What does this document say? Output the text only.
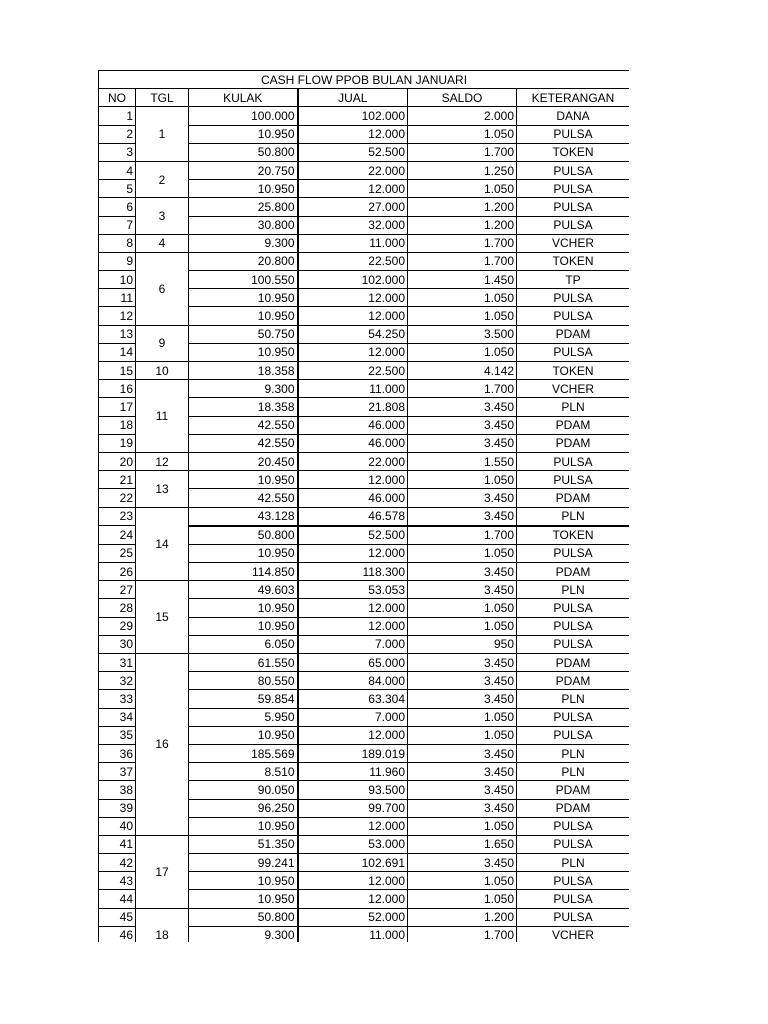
CASH FLOW PPOB BULAN JANUARI					
NO	TGL	KULAK	JUAL	SALDO	KETERANGAN
1	1	100.000	102.000	2.000	DANA
2		10.950	12.000	1.050	PULSA
3		50.800	52.500	1.700	TOKEN
4	2	20.750	22.000	1.250	PULSA
5		10.950	12.000	1.050	PULSA
6	3	25.800	27.000	1.200	PULSA
7		30.800	32.000	1.200	PULSA
8	4	9.300	11.000	1.700	VCHER
9	6	20.800	22.500	1.700	TOKEN
10		100.550	102.000	1.450	TP
11		10.950	12.000	1.050	PULSA
12		10.950	12.000	1.050	PULSA
13	9	50.750	54.250	3.500	PDAM
14		10.950	12.000	1.050	PULSA
15	10	18.358	22.500	4.142	TOKEN
16	11	9.300	11.000	1.700	VCHER
17		18.358	21.808	3.450	PLN
18		42.550	46.000	3.450	PDAM
19		42.550	46.000	3.450	PDAM
20	12	20.450	22.000	1.550	PULSA
21	13	10.950	12.000	1.050	PULSA
22		42.550	46.000	3.450	PDAM
23	14	43.128	46.578	3.450	PLN
24		50.800	52.500	1.700	TOKEN
25		10.950	12.000	1.050	PULSA
26		114.850	118.300	3.450	PDAM
27	15	49.603	53.053	3.450	PLN
28		10.950	12.000	1.050	PULSA
29		10.950	12.000	1.050	PULSA
30		6.050	7.000	950	PULSA
31	16	61.550	65.000	3.450	PDAM
32		80.550	84.000	3.450	PDAM
33		59.854	63.304	3.450	PLN
34		5.950	7.000	1.050	PULSA
35		10.950	12.000	1.050	PULSA
36		185.569	189.019	3.450	PLN
37		8.510	11.960	3.450	PLN
38		90.050	93.500	3.450	PDAM
39		96.250	99.700	3.450	PDAM
40		10.950	12.000	1.050	PULSA
41	17	51.350	53.000	1.650	PULSA
42		99.241	102.691	3.450	PLN
43		10.950	12.000	1.050	PULSA
44		10.950	12.000	1.050	PULSA
45	18	50.800	52.000	1.200	PULSA
46		9.300	11.000	1.700	VCHER
